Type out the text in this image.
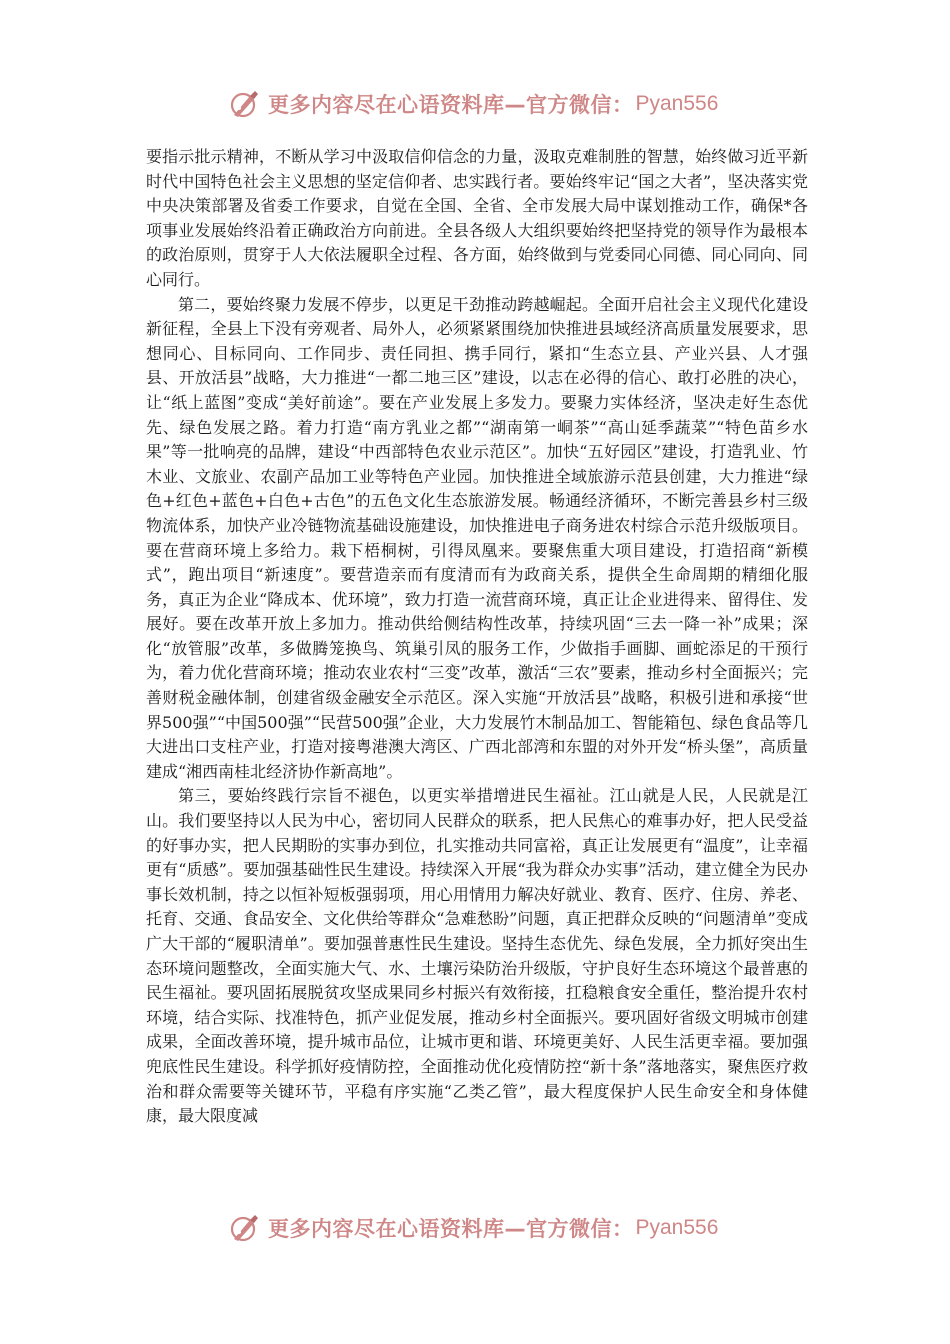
更多内容尽在心语资料库—官方微信： Pyan556

要指示批示精神，不断从学习中汲取信仰信念的力量，汲取克难制胜的智慧，始终做习近平新时代中国特色社会主义思想的坚定信仰者、忠实践行者。要始终牢记“国之大者”，坚决落实党中央决策部署及省委工作要求，自觉在全国、全省、全市发展大局中谋划推动工作，确保*各项事业发展始终沿着正确政治方向前进。全县各级人大组织要始终把坚持党的领导作为最根本的政治原则，贯穿于人大依法履职全过程、各方面，始终做到与党委同心同德、同心同向、同心同行。

第二，要始终聚力发展不停步，以更足干劲推动跨越崛起。全面开启社会主义现代化建设新征程，全县上下没有旁观者、局外人，必须紧紧围绕加快推进县域经济高质量发展要求，思想同心、目标同向、工作同步、责任同担、携手同行，紧扣“生态立县、产业兴县、人才强县、开放活县”战略，大力推进“一都二地三区”建设，以志在必得的信心、敢打必胜的决心，让“纸上蓝图”变成“美好前途”。要在产业发展上多发力。要聚力实体经济，坚决走好生态优先、绿色发展之路。着力打造“南方乳业之都”“湖南第一峒茶”“高山延季蔬菜”“特色苗乡水果”等一批响亮的品牌，建设“中西部特色农业示范区”。加快“五好园区”建设，打造乳业、竹木业、文旅业、农副产品加工业等特色产业园。加快推进全域旅游示范县创建，大力推进“绿色+红色+蓝色+白色+古色”的五色文化生态旅游发展。畅通经济循环，不断完善县乡村三级物流体系，加快产业冷链物流基础设施建设，加快推进电子商务进农村综合示范升级版项目。要在营商环境上多给力。栽下梧桐树，引得凤凰来。要聚焦重大项目建设，打造招商“新模式”，跑出项目“新速度”。要营造亲而有度清而有为政商关系，提供全生命周期的精细化服务，真正为企业“降成本、优环境”，致力打造一流营商环境，真正让企业进得来、留得住、发展好。要在改革开放上多加力。推动供给侧结构性改革，持续巩固“三去一降一补”成果；深化“放管服”改革，多做腾笼换鸟、筑巢引凤的服务工作，少做指手画脚、画蛇添足的干预行为，着力优化营商环境；推动农业农村“三变”改革，激活“三农”要素，推动乡村全面振兴；完善财税金融体制，创建省级金融安全示范区。深入实施“开放活县”战略，积极引进和承接“世界500强”“中国500强”“民营500强”企业，大力发展竹木制品加工、智能箱包、绿色食品等几大进出口支柱产业，打造对接粤港澳大湾区、广西北部湾和东盟的对外开发“桥头堡”，高质量建成“湘西南桂北经济协作新高地”。

第三，要始终践行宗旨不褪色，以更实举措增进民生福祉。江山就是人民，人民就是江山。我们要坚持以人民为中心，密切同人民群众的联系，把人民焦心的难事办好，把人民受益的好事办实，把人民期盼的实事办到位，扎实推动共同富裕，真正让发展更有“温度”，让幸福更有“质感”。要加强基础性民生建设。持续深入开展“我为群众办实事”活动，建立健全为民办事长效机制，持之以恒补短板强弱项，用心用情用力解决好就业、教育、医疗、住房、养老、托育、交通、食品安全、文化供给等群众“急难愁盼”问题，真正把群众反映的“问题清单”变成广大干部的“履职清单”。要加强普惠性民生建设。坚持生态优先、绿色发展，全力抓好突出生态环境问题整改，全面实施大气、水、土壤污染防治升级版，守护良好生态环境这个最普惠的民生福祉。要巩固拓展脱贫攻坚成果同乡村振兴有效衔接，扛稳粮食安全重任，整治提升农村环境，结合实际、找准特色，抓产业促发展，推动乡村全面振兴。要巩固好省级文明城市创建成果，全面改善环境，提升城市品位，让城市更和谐、环境更美好、人民生活更幸福。要加强兜底性民生建设。科学抓好疫情防控，全面推动优化疫情防控“新十条”落地落实，聚焦医疗救治和群众需要等关键环节，平稳有序实施“乙类乙管”，最大程度保护人民生命安全和身体健康，最大限度减

更多内容尽在心语资料库—官方微信： Pyan556
